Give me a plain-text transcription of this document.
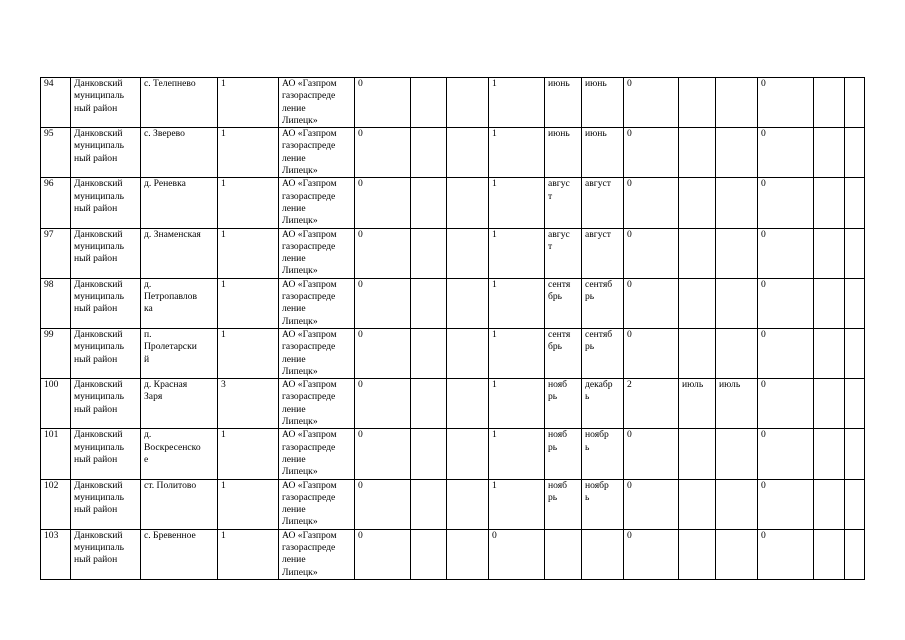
94	Данковский
муниципаль
ный район	с. Телепнево	1	АО «Газпром
газораспреде
ление
Липецк»	0			1	июнь	июнь	0			0		
95	Данковский
муниципаль
ный район	с. Зверево	1	АО «Газпром
газораспреде
ление
Липецк»	0			1	июнь	июнь	0			0		
96	Данковский
муниципаль
ный район	д. Реневка	1	АО «Газпром
газораспреде
ление
Липецк»	0			1	авгус
т	август	0			0		
97	Данковский
муниципаль
ный район	д. Знаменская	1	АО «Газпром
газораспреде
ление
Липецк»	0			1	авгус
т	август	0			0		
98	Данковский
муниципаль
ный район	д.
Петропавлов
ка	1	АО «Газпром
газораспреде
ление
Липецк»	0			1	сентя
брь	сентяб
рь	0			0		
99	Данковский
муниципаль
ный район	п.
Пролетарски
й	1	АО «Газпром
газораспреде
ление
Липецк»	0			1	сентя
брь	сентяб
рь	0			0		
100	Данковский
муниципаль
ный район	д. Красная
Заря	3	АО «Газпром
газораспреде
ление
Липецк»	0			1	нояб
рь	декабр
ь	2	июль	июль	0		
101	Данковский
муниципаль
ный район	д.
Воскресенско
е	1	АО «Газпром
газораспреде
ление
Липецк»	0			1	нояб
рь	ноябр
ь	0			0		
102	Данковский
муниципаль
ный район	ст. Политово	1	АО «Газпром
газораспреде
ление
Липецк»	0			1	нояб
рь	ноябр
ь	0			0		
103	Данковский
муниципаль
ный район	с. Бревенное	1	АО «Газпром
газораспреде
ление
Липецк»	0			0			0			0		
